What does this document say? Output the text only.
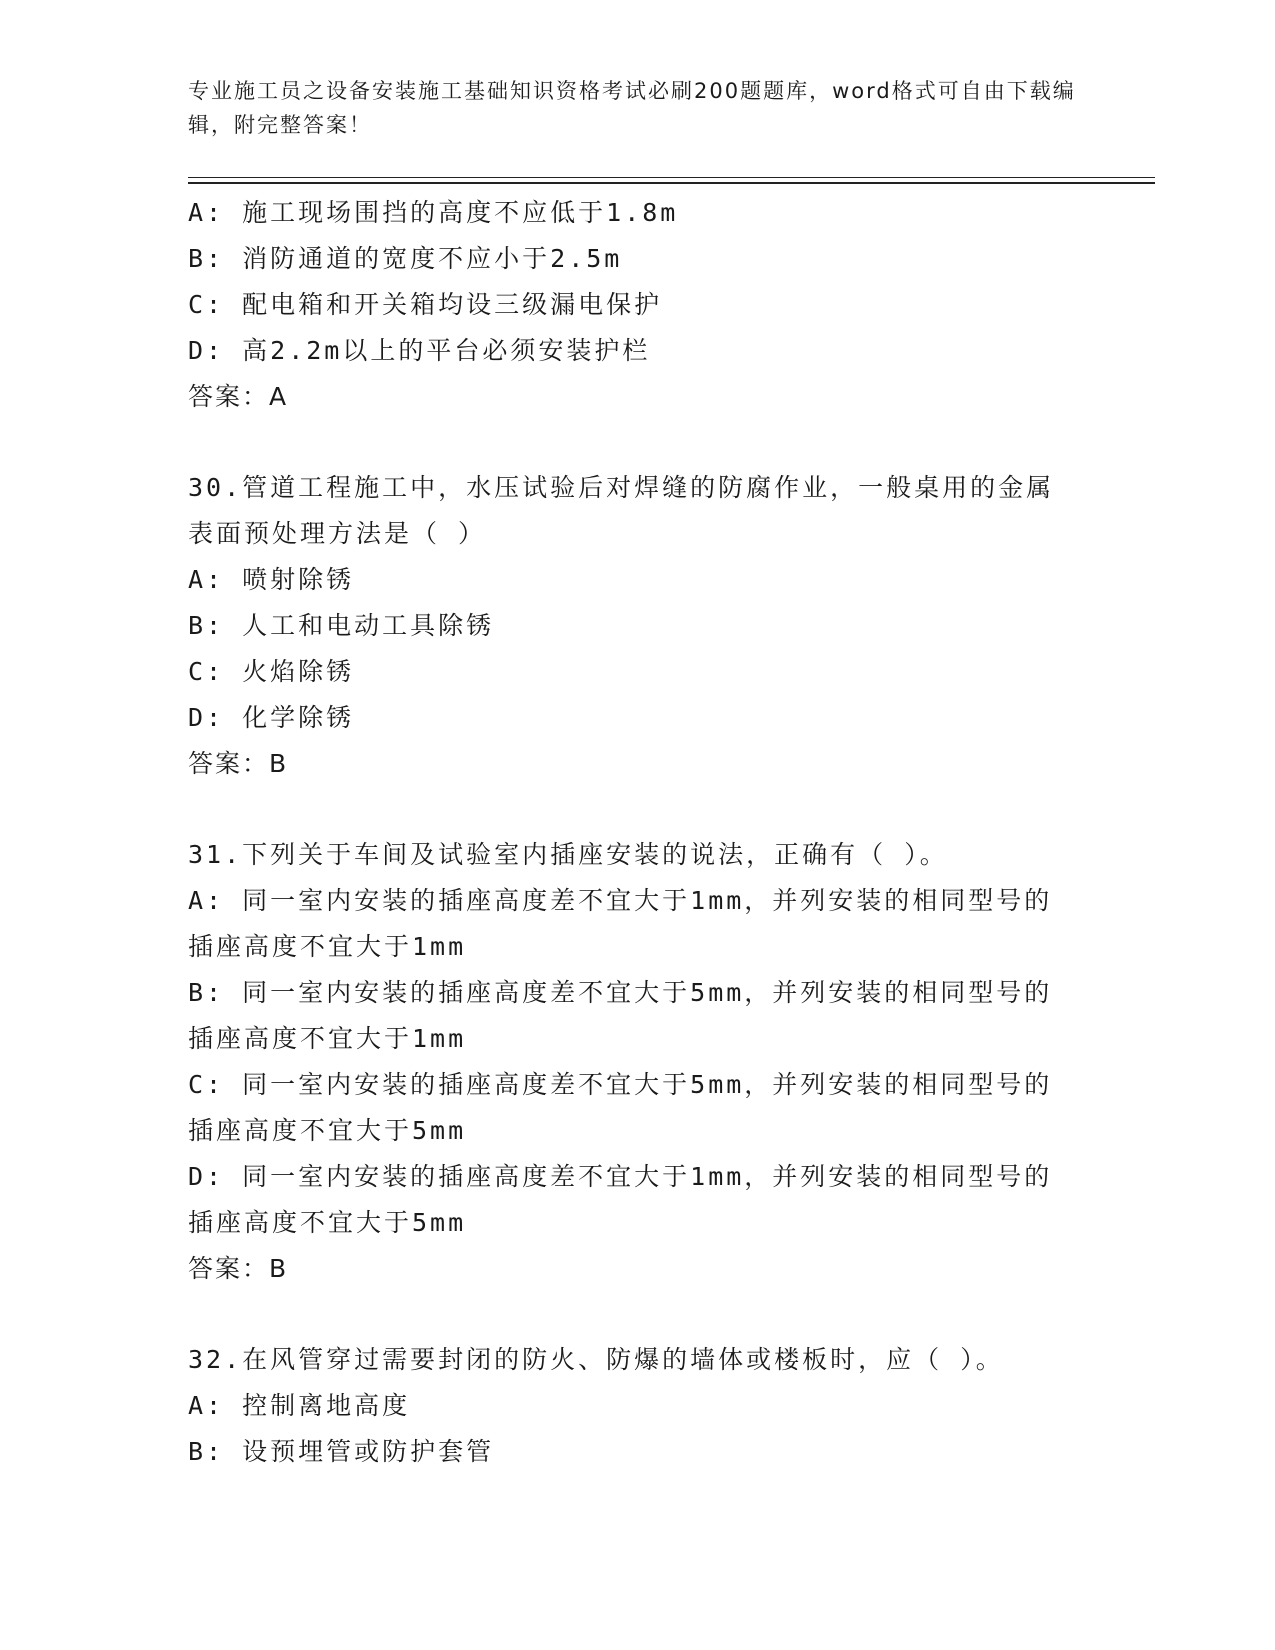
专业施工员之设备安装施工基础知识资格考试必刷200题题库，word格式可自由下载编辑，附完整答案！
A: 施工现场围挡的高度不应低于1.8m
B: 消防通道的宽度不应小于2.5m
C: 配电箱和开关箱均设三级漏电保护
D: 高2.2m以上的平台必须安装护栏
答案：A
30.管道工程施工中，水压试验后对焊缝的防腐作业，一般桌用的金属
表面预处理方法是（ ）
A: 喷射除锈
B: 人工和电动工具除锈
C: 火焰除锈
D: 化学除锈
答案：B
31.下列关于车间及试验室内插座安装的说法，正确有（ ）。
A: 同一室内安装的插座高度差不宜大于1mm，并列安装的相同型号的
插座高度不宜大于1mm
B: 同一室内安装的插座高度差不宜大于5mm，并列安装的相同型号的
插座高度不宜大于1mm
C: 同一室内安装的插座高度差不宜大于5mm，并列安装的相同型号的
插座高度不宜大于5mm
D: 同一室内安装的插座高度差不宜大于1mm，并列安装的相同型号的
插座高度不宜大于5mm
答案：B
32.在风管穿过需要封闭的防火、防爆的墙体或楼板时，应（ ）。
A: 控制离地高度
B: 设预埋管或防护套管
